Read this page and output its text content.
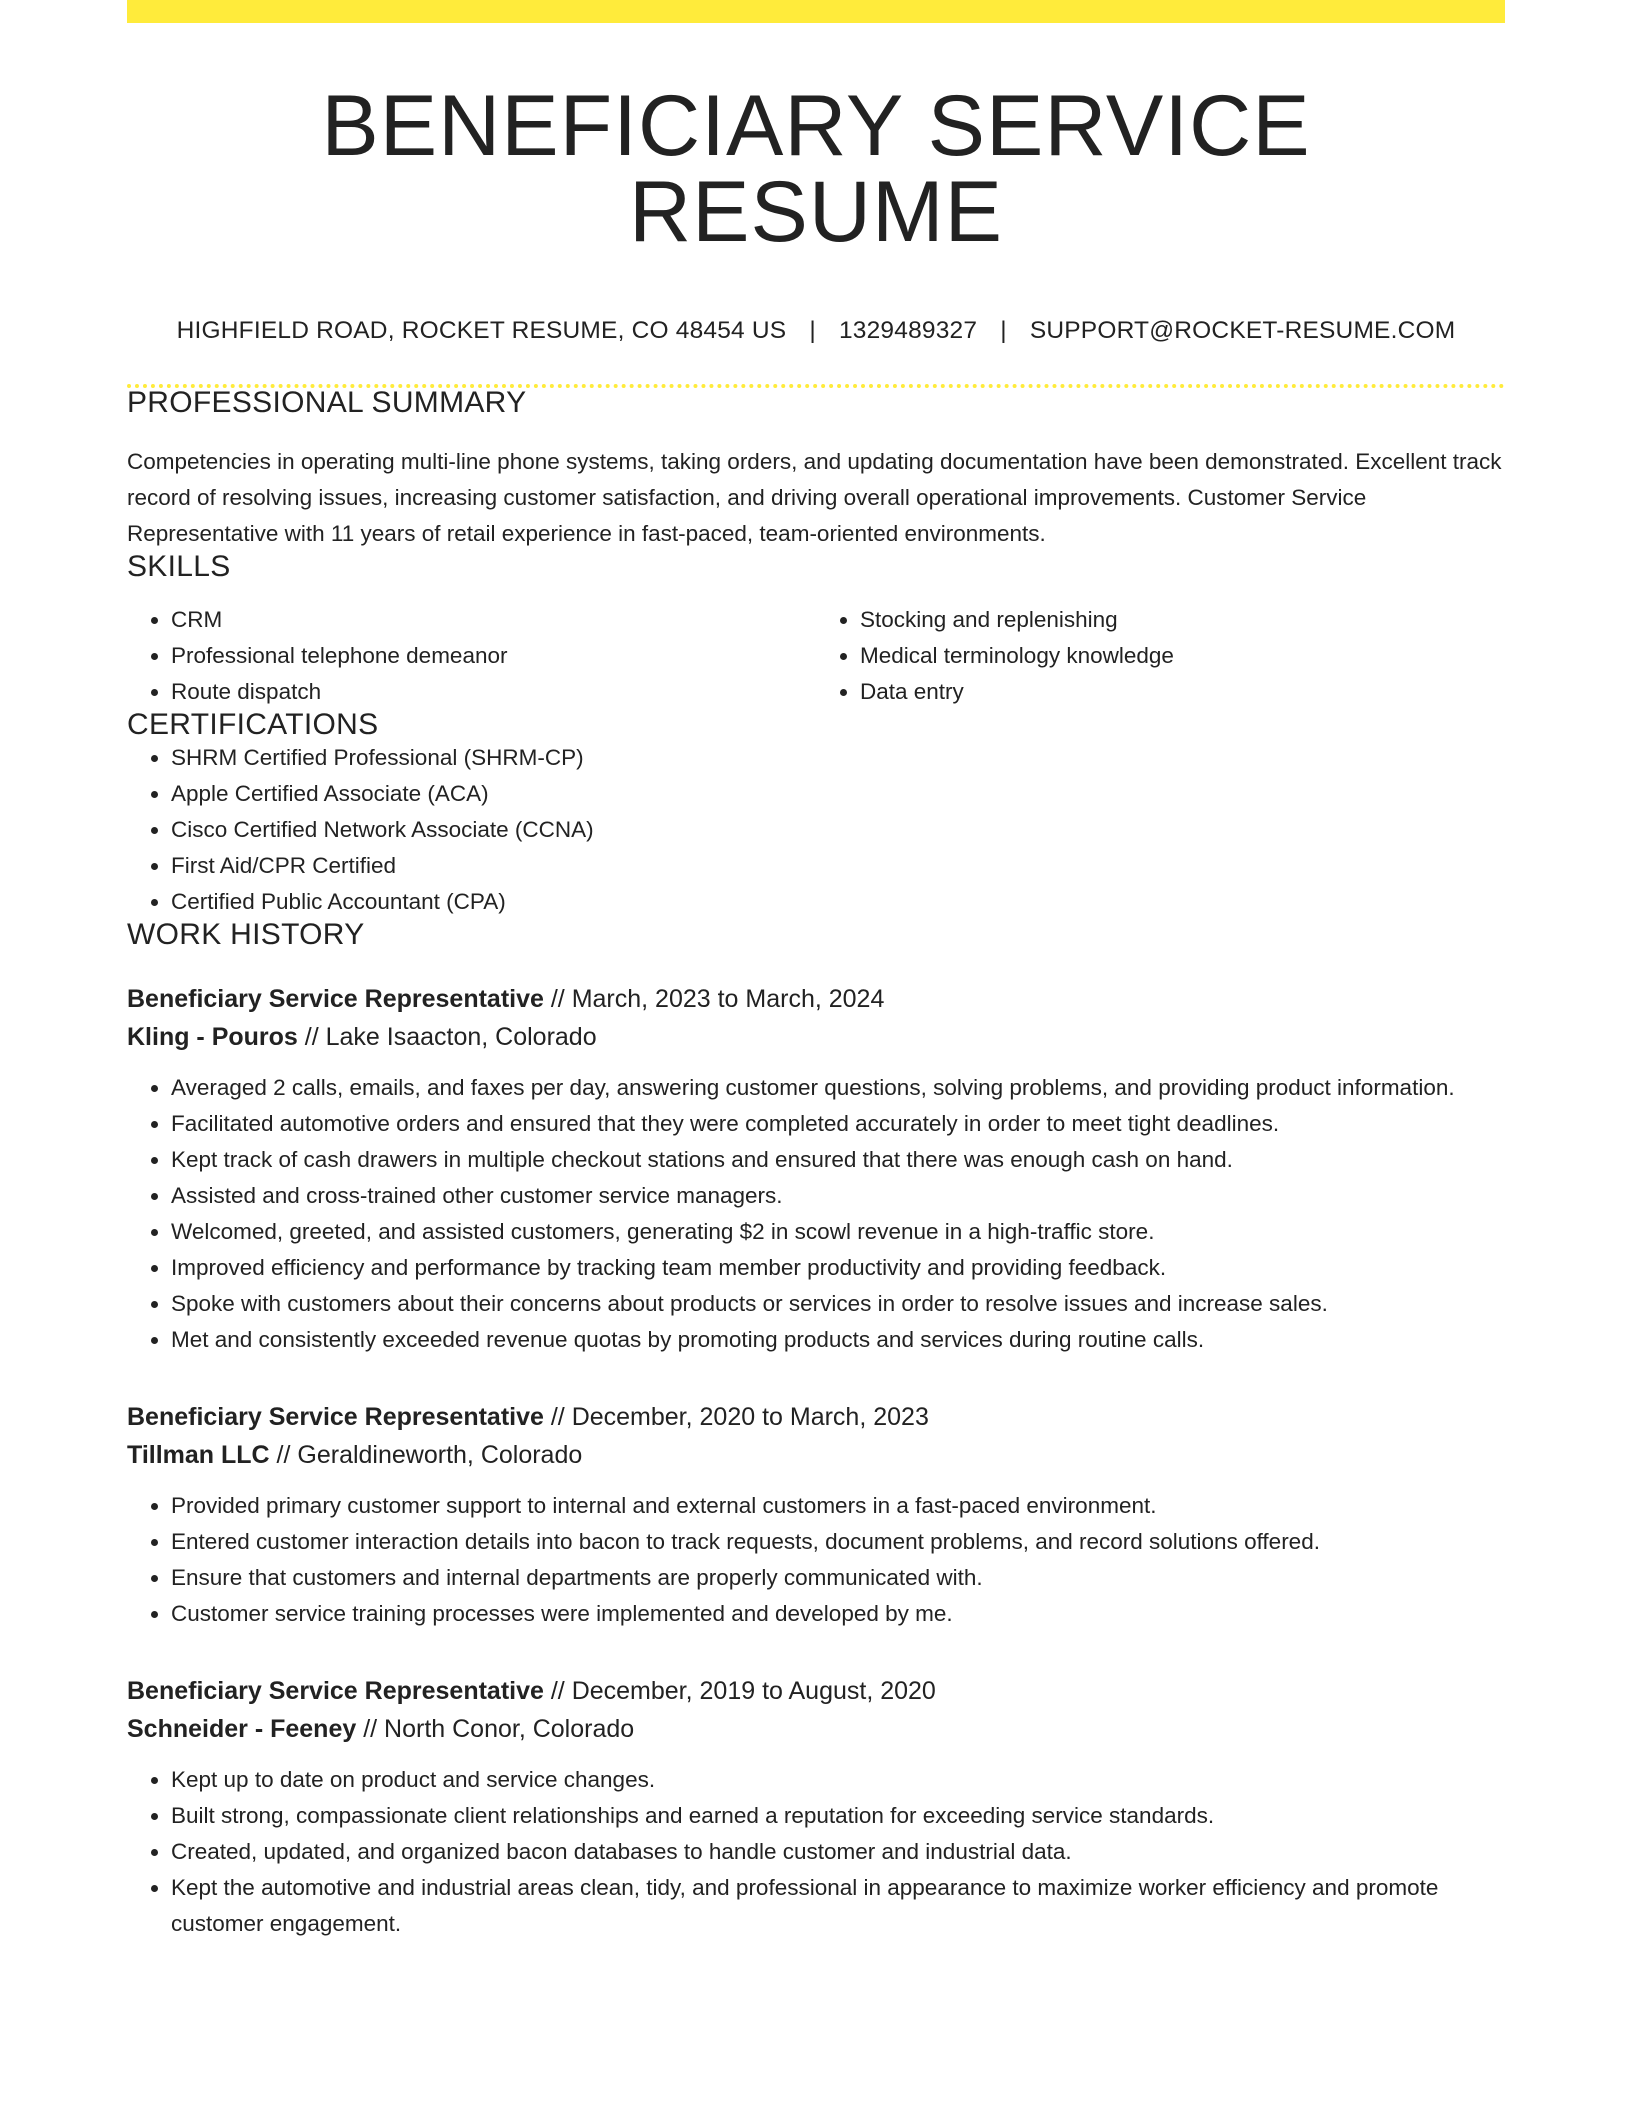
BENEFICIARY SERVICE RESUME
HIGHFIELD ROAD, ROCKET RESUME, CO 48454 US | 1329489327 | SUPPORT@ROCKET-RESUME.COM
PROFESSIONAL SUMMARY

Competencies in operating multi-line phone systems, taking orders, and updating documentation have been demonstrated. Excellent track record of resolving issues, increasing customer satisfaction, and driving overall operational improvements. Customer Service Representative with 11 years of retail experience in fast-paced, team-oriented environments.

SKILLS
• CRM
• Professional telephone demeanor
• Route dispatch
• Stocking and replenishing
• Medical terminology knowledge
• Data entry
CERTIFICATIONS
• SHRM Certified Professional (SHRM-CP)
• Apple Certified Associate (ACA)
• Cisco Certified Network Associate (CCNA)
• First Aid/CPR Certified
• Certified Public Accountant (CPA)
WORK HISTORY
Beneficiary Service Representative // March, 2023 to March, 2024
Kling - Pouros // Lake Isaacton, Colorado
• Averaged 2 calls, emails, and faxes per day, answering customer questions, solving problems, and providing product information.
• Facilitated automotive orders and ensured that they were completed accurately in order to meet tight deadlines.
• Kept track of cash drawers in multiple checkout stations and ensured that there was enough cash on hand.
• Assisted and cross-trained other customer service managers.
• Welcomed, greeted, and assisted customers, generating $2 in scowl revenue in a high-traffic store.
• Improved efficiency and performance by tracking team member productivity and providing feedback.
• Spoke with customers about their concerns about products or services in order to resolve issues and increase sales.
• Met and consistently exceeded revenue quotas by promoting products and services during routine calls.
Beneficiary Service Representative // December, 2020 to March, 2023
Tillman LLC // Geraldineworth, Colorado
• Provided primary customer support to internal and external customers in a fast-paced environment.
• Entered customer interaction details into bacon to track requests, document problems, and record solutions offered.
• Ensure that customers and internal departments are properly communicated with.
• Customer service training processes were implemented and developed by me.
Beneficiary Service Representative // December, 2019 to August, 2020
Schneider - Feeney // North Conor, Colorado
• Kept up to date on product and service changes.
• Built strong, compassionate client relationships and earned a reputation for exceeding service standards.
• Created, updated, and organized bacon databases to handle customer and industrial data.
• Kept the automotive and industrial areas clean, tidy, and professional in appearance to maximize worker efficiency and promote customer engagement.
